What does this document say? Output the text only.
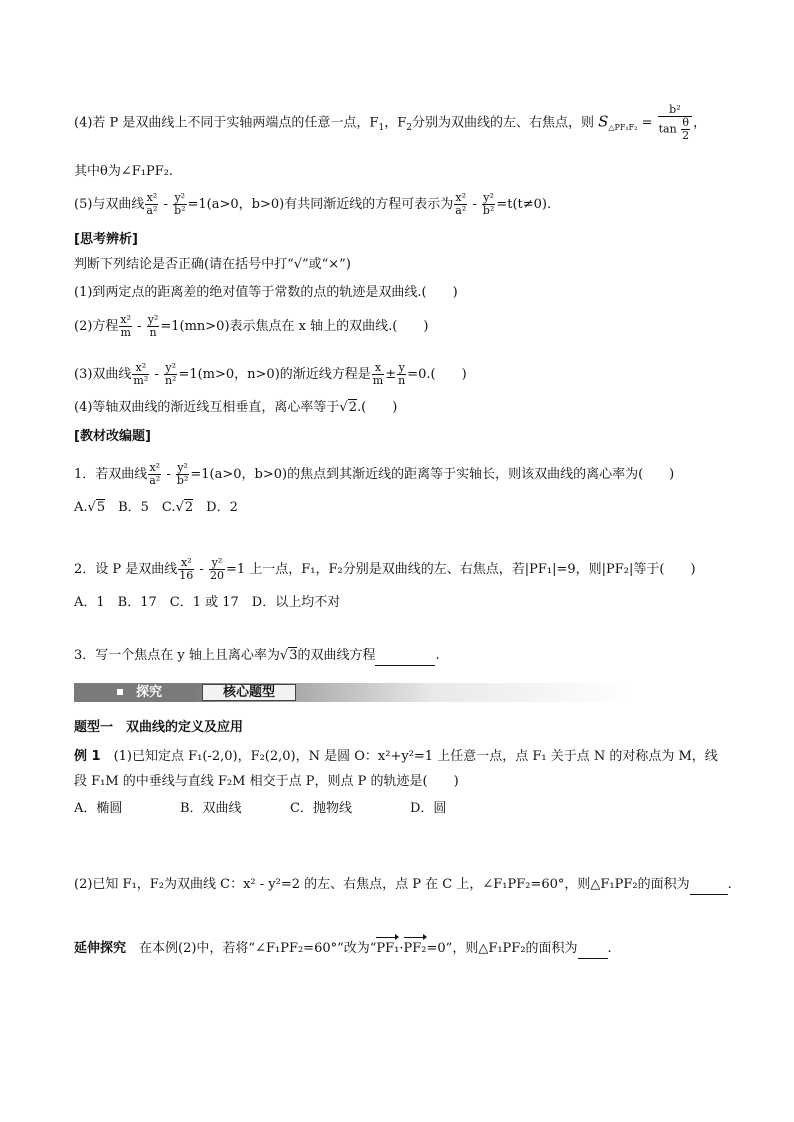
(4)若 P 是双曲线上不同于实轴两端点的任意一点，$F_1$，$F_2$分别为双曲线的左、右焦点，则 $S_{\triangle PF_1F_2} = \frac{\text{b²}}{\tan \frac{\theta}{2}}$ ，
其中θ为∠F₁PF₂.
(5)与双曲线 $\frac{\text{x²}}{\text{a²}} - \frac{\text{y²}}{\text{b²}} =1(a>0$，b>0)有共同渐近线的方程可表示为 $\frac{\text{x²}}{\text{a²}} - \frac{\text{y²}}{\text{b²}} =t(t\ne 0)$.
[思考辨析]
判断下列结论是否正确(请在括号中打“√”或“×”)
(1)到两定点的距离差的绝对值等于常数的点的轨迹是双曲线.(　　)
(2)方程 $\frac{\text{x²}}{m} - \frac{\text{y²}}{n} =1(mn>0)$表示焦点在 x 轴上的双曲线.(　　)
(3)双曲线 $\frac{\text{x²}}{\text{m²}} - \frac{\text{y²}}{\text{n²}} =1(m>0$，n>0)的渐近线方程是 $\frac{x}{m} \pm \frac{y}{n} =0$.(　　)
(4)等轴双曲线的渐近线互相垂直，离心率等于√2.(　　)
[教材改编题]
1．若双曲线 $\frac{\text{x²}}{\text{a²}} - \frac{\text{y²}}{\text{b²}} =1(a>0$，b>0)的焦点到其渐近线的距离等于实轴长，则该双曲线的离心率为(　　)
A.√5　B．5　C.√2　D．2
2．设 P 是双曲线 $\frac{\text{x²}}{16} - \frac{\text{y²}}{20} =1$ 上一点，F₁，F₂分别是双曲线的左、右焦点，若|PF₁|=9，则|PF₂|等于(　　)
A．1　B．17　C．1 或 17　D．以上均不对
3．写一个焦点在 y 轴上且离心率为√3的双曲线方程	.
探究	核心题型
题型一　双曲线的定义及应用
例 1　(1)已知定点 F₁(-2,0)，F₂(2,0)，N 是圆 O：x²+y²=1 上任意一点，点 F₁ 关于点 N 的对称点为 M，线
段 F₁M 的中垂线与直线 F₂M 相交于点 P，则点 P 的轨迹是(　　)
A．椭圆	B．双曲线	C．抛物线	D．圆
(2)已知 F₁，F₂为双曲线 C：x² - y²=2 的左、右焦点，点 P 在 C 上，∠F₁PF₂=60°，则△F₁PF₂的面积为	.
延伸探究　在本例(2)中，若将“∠F₁PF₂=60°”改为“PF₁·PF₂=0”，则△F₁PF₂的面积为 .
